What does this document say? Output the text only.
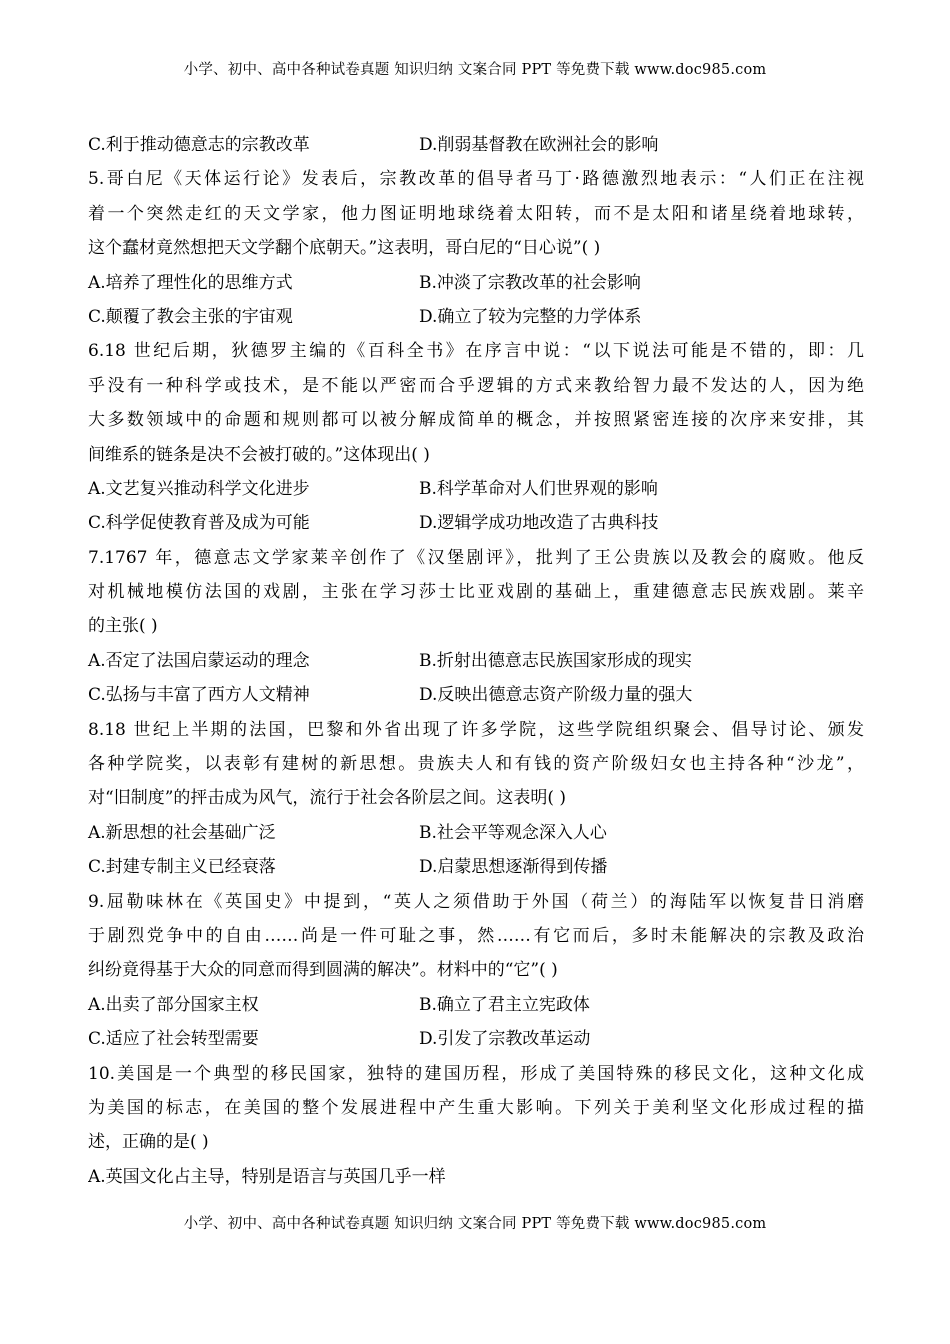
小学、初中、高中各种试卷真题 知识归纳 文案合同 PPT 等免费下载 www.doc985.com
C.利于推动德意志的宗教改革	D.削弱基督教在欧洲社会的影响
5.哥白尼《天体运行论》发表后，宗教改革的倡导者马丁·路德激烈地表示：“人们正在注视
着一个突然走红的天文学家，他力图证明地球绕着太阳转，而不是太阳和诸星绕着地球转，
这个蠢材竟然想把天文学翻个底朝天。”这表明，哥白尼的“日心说”( )
A.培养了理性化的思维方式	B.冲淡了宗教改革的社会影响
C.颠覆了教会主张的宇宙观	D.确立了较为完整的力学体系
6.18 世纪后期，狄德罗主编的《百科全书》在序言中说：“以下说法可能是不错的，即：几
乎没有一种科学或技术，是不能以严密而合乎逻辑的方式来教给智力最不发达的人，因为绝
大多数领域中的命题和规则都可以被分解成简单的概念，并按照紧密连接的次序来安排，其
间维系的链条是决不会被打破的。”这体现出( )
A.文艺复兴推动科学文化进步	B.科学革命对人们世界观的影响
C.科学促使教育普及成为可能	D.逻辑学成功地改造了古典科技
7.1767 年，德意志文学家莱辛创作了《汉堡剧评》，批判了王公贵族以及教会的腐败。他反
对机械地模仿法国的戏剧，主张在学习莎士比亚戏剧的基础上，重建德意志民族戏剧。莱辛
的主张( )
A.否定了法国启蒙运动的理念	B.折射出德意志民族国家形成的现实
C.弘扬与丰富了西方人文精神	D.反映出德意志资产阶级力量的强大
8.18 世纪上半期的法国，巴黎和外省出现了许多学院，这些学院组织聚会、倡导讨论、颁发
各种学院奖，以表彰有建树的新思想。贵族夫人和有钱的资产阶级妇女也主持各种“沙龙”，
对“旧制度”的抨击成为风气，流行于社会各阶层之间。这表明( )
A.新思想的社会基础广泛	B.社会平等观念深入人心
C.封建专制主义已经衰落	D.启蒙思想逐渐得到传播
9.屈勒味林在《英国史》中提到，“英人之须借助于外国（荷兰）的海陆军以恢复昔日消磨
于剧烈党争中的自由……尚是一件可耻之事，然……有它而后，多时未能解决的宗教及政治
纠纷竟得基于大众的同意而得到圆满的解决”。材料中的“它”( )
A.出卖了部分国家主权	B.确立了君主立宪政体
C.适应了社会转型需要	D.引发了宗教改革运动
10.美国是一个典型的移民国家，独特的建国历程，形成了美国特殊的移民文化，这种文化成
为美国的标志，在美国的整个发展进程中产生重大影响。下列关于美利坚文化形成过程的描
述，正确的是( )
A.英国文化占主导，特别是语言与英国几乎一样
小学、初中、高中各种试卷真题 知识归纳 文案合同 PPT 等免费下载 www.doc985.com
